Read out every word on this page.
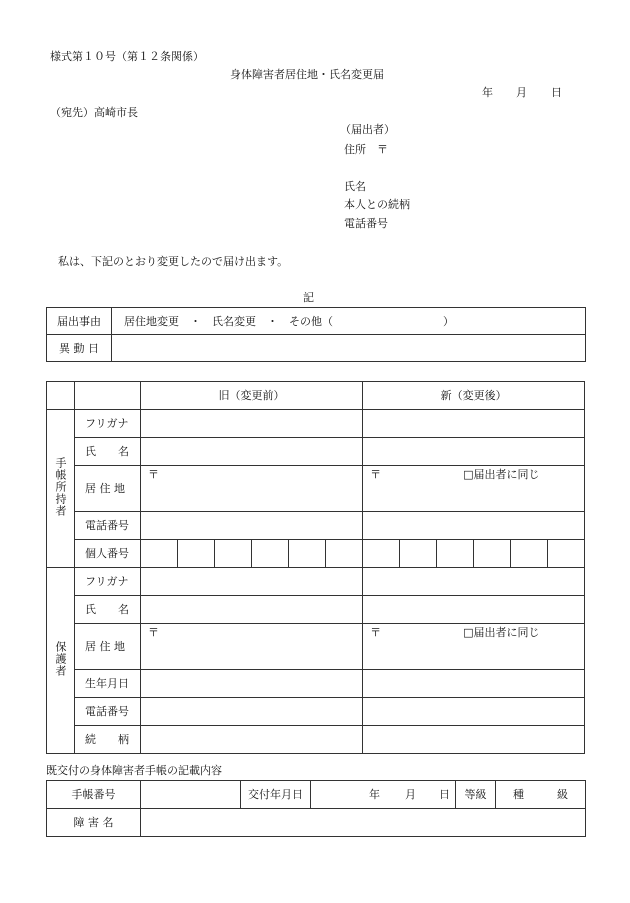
様式第１０号（第１２条関係）
身体障害者居住地・氏名変更届
年 月 日
（宛先）高崎市長
（届出者）
住所　〒
氏名
本人との続柄
電話番号
私は、下記のとおり変更したので届け出ます。
記
届出事由	居住地変更　・　氏名変更　・　その他（　　　　　　　　　　）
異 動 日	
		旧（変更前）						新（変更後）					
手帳所持者	フリガナ												
	氏　　名												
	居 住 地	〒						〒 □届出者に同じ					

	電話番号												
	個人番号												
保護者	フリガナ												
	氏　　名												
	居 住 地	〒						〒 □届出者に同じ					

	生年月日												
	電話番号												
	続　　柄												
既交付の身体障害者手帳の記載内容
手帳番号		交付年月日	年 月 日	等級	種　　　級
障 害 名					
